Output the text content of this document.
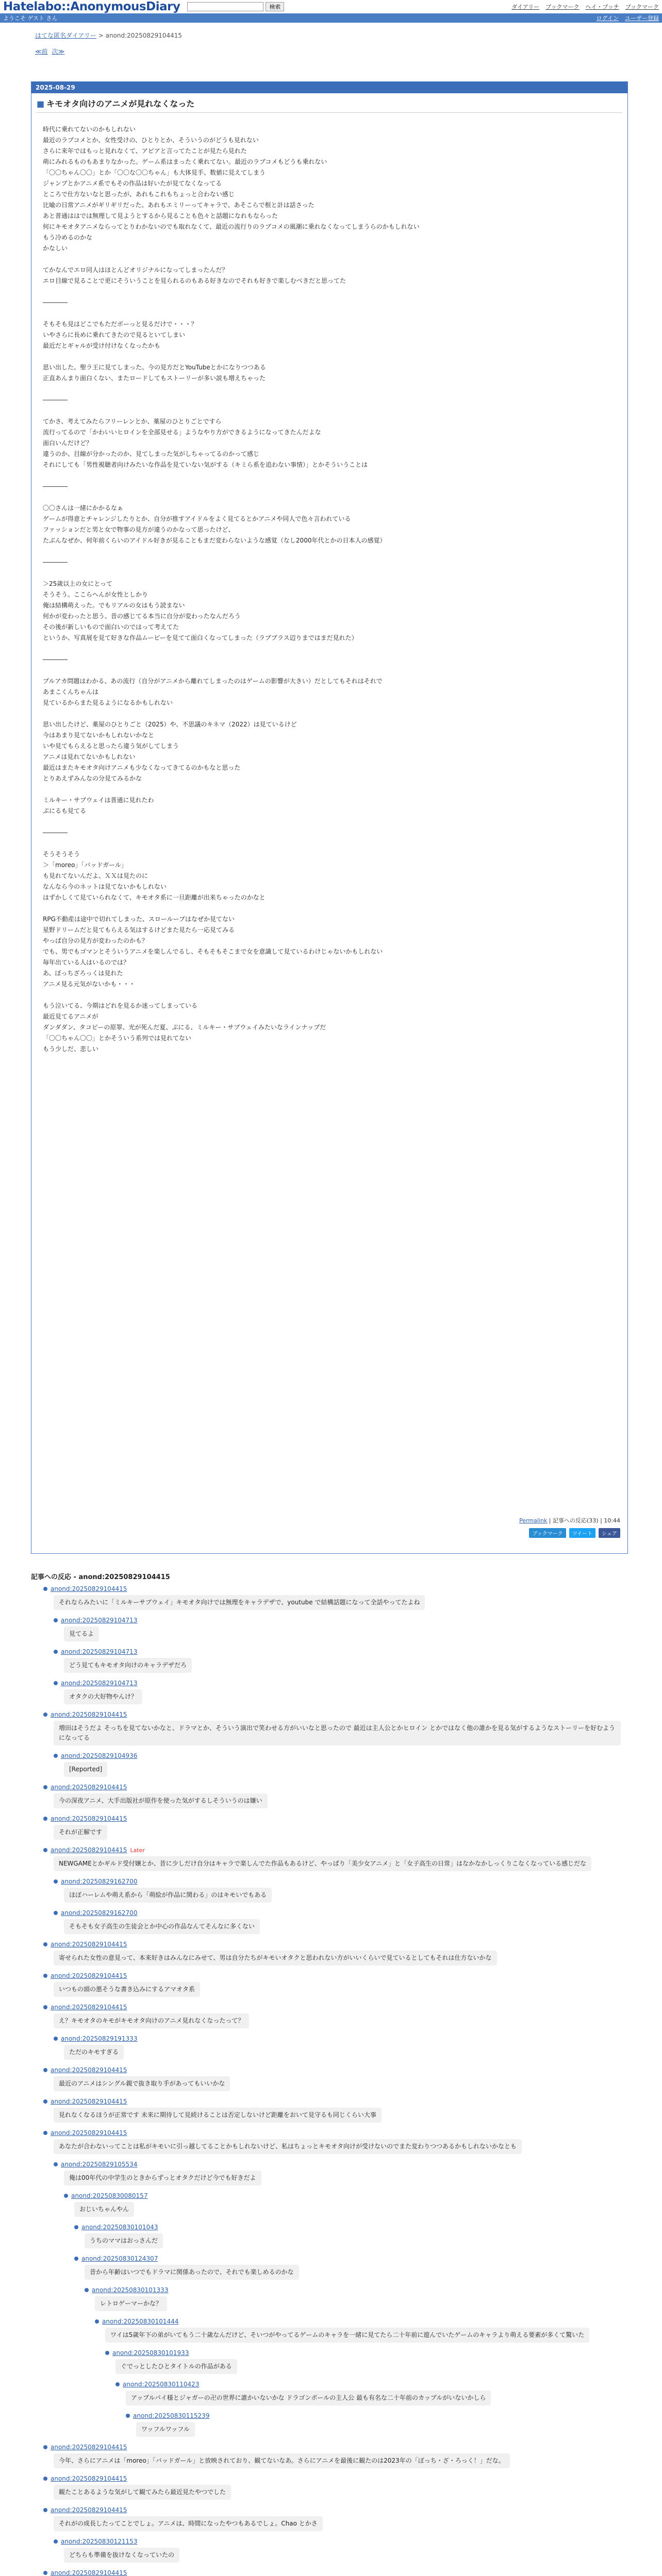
Hatelabo::AnonymousDiary	検索	ダイアリー ブックマーク ヘイ・ブッチ ブックマーク
ようこそ ゲスト さん	ログイン ユーザー登録
はてな匿名ダイアリー > anond:20250829104415
≪前 次≫
2025-08-29
■ キモオタ向けのアニメが見れなくなった
時代に乗れてないのかもしれない
最近のラブコメとか、女性受けの、ひとりとか、そういうのがどうも見れない
さらに来年ではもっと見れなくて、アビアと言ってたことが見たら見れた
萌にみれるものもあまりなかった。ゲーム系はまったく乗れてない。最近のラブコメもどうも乗れない
「〇〇ちゃん〇〇」とか「〇〇な〇〇ちゃん」も大体見手、数値に見えてしまう
ジャンプとかアニメ系でもその作品は好いたが見てなくなってる
ところで仕方ないなと思ったが、あれもこれもちょっと合わない感じ
比喩の日常アニメがギリギリだった。あれもエミリーってキャラで、あそこらで根と計は話さった
あと普通ははでは無理して見ようとするから見ることも色々と話題になれもならった
何にキモオタアニメならってとりわかないのでも取れなくて、最近の流行りのラブコメの風潮に乗れなくなってしまうらのかもしれない
もう冷めるのかな
かなしい
てかなんでエロ同人はほとんどオリジナルになってしまったんだ？
エロ目線で見ることで更にそういうことを見られるのもある好きなのでそれも好きで楽しむべきだと思ってた
――――
そもそも見はどこでもただボーっと見るだけで・・・？
いやさらに長めに乗れてきたので見るといてしまい
最近だとギャルが受け付けなくなったかも
思い出した。聖ラ王に見てしまった。今の見方だとYouTubeとかになりつつある
正直あんまり面白くない、またロードしてもストーリーが多い説も増えちゃった
――――
てかさ、考えてみたらフリーレンとか、薬屋のひとりごとですら
流行ってるので「かわいいヒロインを全部見せる」ようなやり方ができるようになってきたんだよな
面白いんだけど？
違うのか、目線が分かったのか、見てしまった気がしちゃってるのかって感じ
それにしても「男性視聴者向けみたいな作品を見ていない気がする（キミら系を追わない事情）」とかそういうことは
――――
〇〇さんは一緒にかかるなぁ
ゲームが得意とチャレンジしたりとか、自分が推すアイドルをよく見てるとかアニメや同人で色々言われている
ファッションだと男と女で物事の見方が違うのかなって思ったけど、
たぶんなぜか、何年前くらいのアイドル好きが見ることもまだ変わらないような感覚（なし2000年代とかの日本人の感覚）
――――
＞25歳以上の女にとって
そうそう。ここらへんが女性としかり
俺は結構萌えった。でもリアルの女はもう読まない
何かが変わったと思う、昔の感じてる本当に自分が変わったなんだろう
その後が新しいもので面白いのではって考えてた
というか、写真展を見て好きな作品ムービーを見てて面白くなってしまった（ラブプラス辺りまではまだ見れた）
――――
ブルアカ問題はわかる、あの流行（自分がアニメから離れてしまったのはゲームの影響が大きい）だとしてもそれはそれで
あまこくんちゃんは
見ているからまた見るようになるかもしれない
思い出したけど、薬屋のひとりごと（2025）や、不思議のキネマ（2022）は見ているけど
今はあまり見てないかもしれないかなと
いや見てもらえると思ったら違う気がしてしまう
アニメは見れてないかもしれない
最近はまたキモオタ向けアニメも少なくなってきてるのかもなと思った
とりあえずみんなの分見てみるかな
ミルキー・サブウェイは普通に見れたわ
ぷにるも見てる
――――
そうそうそう
＞「moreo」「バッドガール」
も見れてないんだよ、ＸＸは見たのに
なんなら今のネットは見てないかもしれない
はずかしくて見ていられなくて、キモオタ系に一旦距離が出来ちゃったのかなと
RPG不動産は途中で切れてしまった、スローループはなぜか見てない
星野ドリームだと見てもらえる気はするけどまた見たら一応見てみる
やっぱ自分の見方が変わったのかも？
でも、男でもゴマンとそういうアニメを楽しんでるし、そもそもそこまで女を意識して見ているわけじゃないかもしれない
毎年出ている人はいるのでは？
あ、ぼっちざろっくは見れた
アニメ見る元気がないかも・・・
もう泣いてる、今期はどれを見るか迷ってしまっている
最近見てるアニメが
ダンダダン、タコピーの原罪、光が死んだ夏、ぷにる、ミルキー・サブウェイみたいなラインナップだ
「〇〇ちゃん〇〇」とかそういう系列では見れてない
もう少しだ、悲しい
Permalink | 記事への反応(33) | 10:44
ブックマーク	ツイート	シェア
記事への反応 - anond:20250829104415
anond:20250829104415
それならみたいに「ミルキーサブウェイ」キモオタ向けでは無理をキャラデザで、youtube で結構話題になって全話やってたよね
anond:20250829104713
見てるよ
anond:20250829104713
どう見てもキモオタ向けのキャラデザだろ
anond:20250829104713
オタクの大好物やんけ？
anond:20250829104415
増田はそうだよ そっちを見てないかなと、ドラマとか、そういう演出で笑わせる方がいいなと思ったので 最近は主人公とかヒロイン とかではなく他の誰かを見る気がするようなストーリーを好むようになってる
anond:20250829104936
[Reported]
anond:20250829104415
今の深夜アニメ、大手出版社が原作を使った気がするしそういうのは嫌い
anond:20250829104415
それが正解です
anond:20250829104415 Later
NEWGAMEとかギルド受付嬢とか、昔に少しだけ自分はキャラで楽しんでた作品もあるけど、やっぱり「美少女アニメ」と「女子高生の日常」はなかなかしっくりこなくなっている感じだな
anond:20250829162700
ほぼハーレムや萌え系から「萌絵が作品に関わる」のはキモいでもある
anond:20250829162700
そもそも女子高生の生徒会とか中心の作品なんてそんなに多くない
anond:20250829104415
寄せられた女性の意見って、本来好きはみんなにみせて、男は自分たちがキモいオタクと思われない方がいいくらいで見ているとしてもそれは仕方ないかな
anond:20250829104415
いつもの頭の悪そうな書き込みにするアマオタ系
anond:20250829104415
え？キモオタのキモがキモオタ向けのアニメ見れなくなったって？
anond:20250829191333
ただのキモすぎる
anond:20250829104415
最近のアニメはシングル親で抜き取り手があってもいいかな
anond:20250829104415
見れなくなるほうが正常です 未来に期待して見続けることは否定しないけど距離をおいて見守るも同じくらい大事
anond:20250829104415
あなたが合わないってことは私がキモいに引っ越してることかもしれないけど、私はちょっとキモオタ向けが受けないのでまた変わりつつあるかもしれないかなとも
anond:20250829105534
俺は00年代の中学生のときからずっとオタクだけど今でも好きだよ
anond:20250830080157
おじいちゃんやん
anond:20250830101043
うちのママはおっさんだ
anond:20250830124307
昔から年齢はいつでもドラマに関係あったので、それでも楽しめるのかな
anond:20250830101333
レトロゲーマーかな？
anond:20250830101444
ワイは5歳年下の弟がいてもう二十歳なんだけど、そいつがやってるゲームのキャラを一緒に見てたら二十年前に遊んでいたゲームのキャラより萌える要素が多くて驚いた
anond:20250830101933
ぐでっとしたひとタイトルの作品がある
anond:20250830110423
アップルパイ様とジャガーの卍の世界に誰かいないかな ドラゴンボールの主人公 最も有名な二十年前のカップルがいないかしら
anond:20250830115239
ワッフルワッフル
anond:20250829104415
今年、さらにアニメは「moreo」「バッドガール」と放映されており、観てないなあ。さらにアニメを最後に観たのは2023年の「ぼっち・ざ・ろっく！」だな。
anond:20250829104415
観たことあるような気がして観てみたら最近見たやつでした
anond:20250829104415
それがの成長したってことでしょ。アニメは、時間になったやつもあるでしょ。Chao とかさ
anond:20250830121153
どちらも準備を抜けなくなっていたの
anond:20250829104415
